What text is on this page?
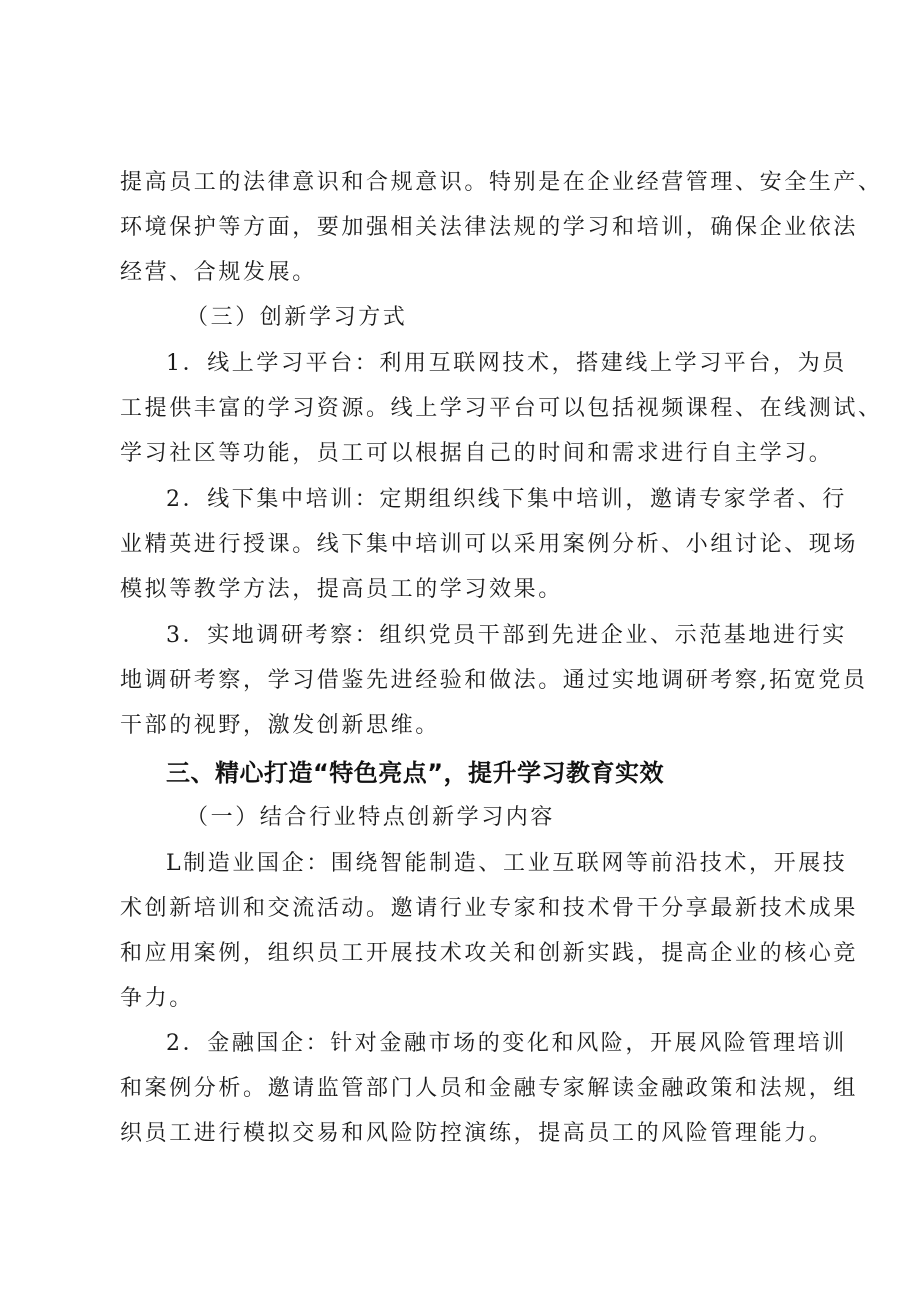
提高员工的法律意识和合规意识。特别是在企业经营管理、安全生产、
环境保护等方面，要加强相关法律法规的学习和培训，确保企业依法
经营、合规发展。
（三）创新学习方式
1．线上学习平台：利用互联网技术，搭建线上学习平台，为员
工提供丰富的学习资源。线上学习平台可以包括视频课程、在线测试、
学习社区等功能，员工可以根据自己的时间和需求进行自主学习。
2．线下集中培训：定期组织线下集中培训，邀请专家学者、行
业精英进行授课。线下集中培训可以采用案例分析、小组讨论、现场
模拟等教学方法，提高员工的学习效果。
3．实地调研考察：组织党员干部到先进企业、示范基地进行实
地调研考察，学习借鉴先进经验和做法。通过实地调研考察,拓宽党员
干部的视野，激发创新思维。
三、精心打造“特色亮点”，提升学习教育实效
（一）结合行业特点创新学习内容
L制造业国企：围绕智能制造、工业互联网等前沿技术，开展技
术创新培训和交流活动。邀请行业专家和技术骨干分享最新技术成果
和应用案例，组织员工开展技术攻关和创新实践，提高企业的核心竞
争力。
2．金融国企：针对金融市场的变化和风险，开展风险管理培训
和案例分析。邀请监管部门人员和金融专家解读金融政策和法规，组
织员工进行模拟交易和风险防控演练，提高员工的风险管理能力。
